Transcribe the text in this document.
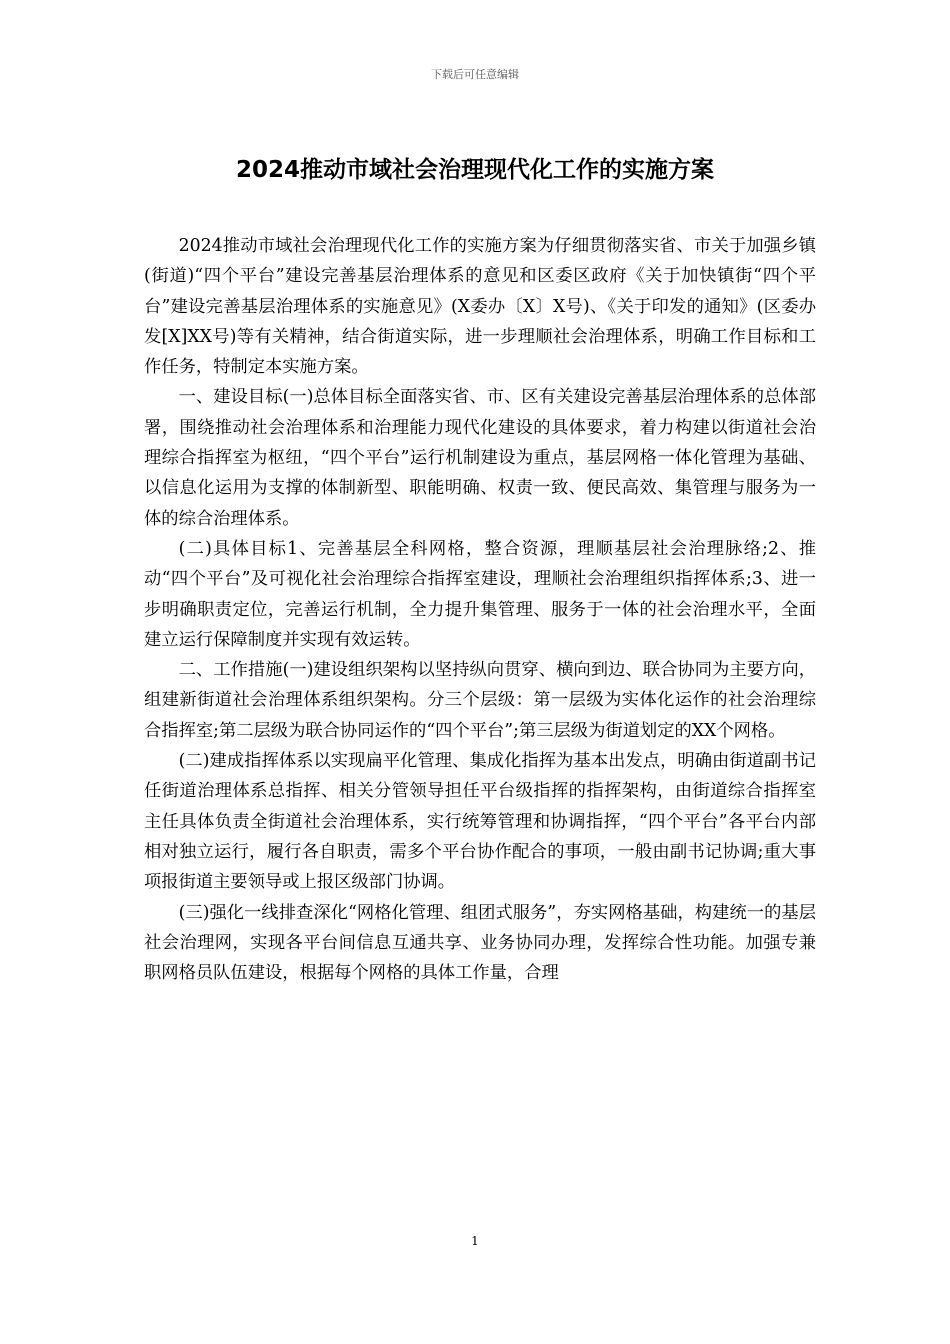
下载后可任意编辑
2024推动市域社会治理现代化工作的实施方案

2024推动市域社会治理现代化工作的实施方案为仔细贯彻落实省、市关于加强乡镇(街道)“四个平台”建设完善基层治理体系的意见和区委区政府《关于加快镇街“四个平台”建设完善基层治理体系的实施意见》(X委办〔X〕X号)、《关于印发的通知》(区委办发[X]XX号)等有关精神，结合街道实际，进一步理顺社会治理体系，明确工作目标和工作任务，特制定本实施方案。

一、建设目标(一)总体目标全面落实省、市、区有关建设完善基层治理体系的总体部署，围绕推动社会治理体系和治理能力现代化建设的具体要求，着力构建以街道社会治理综合指挥室为枢纽，“四个平台”运行机制建设为重点，基层网格一体化管理为基础、以信息化运用为支撑的体制新型、职能明确、权责一致、便民高效、集管理与服务为一体的综合治理体系。

(二)具体目标1、完善基层全科网格，整合资源，理顺基层社会治理脉络;2、推动“四个平台”及可视化社会治理综合指挥室建设，理顺社会治理组织指挥体系;3、进一步明确职责定位，完善运行机制，全力提升集管理、服务于一体的社会治理水平，全面建立运行保障制度并实现有效运转。

二、工作措施(一)建设组织架构以坚持纵向贯穿、横向到边、联合协同为主要方向，组建新街道社会治理体系组织架构。分三个层级：第一层级为实体化运作的社会治理综合指挥室;第二层级为联合协同运作的“四个平台”;第三层级为街道划定的XX个网格。

(二)建成指挥体系以实现扁平化管理、集成化指挥为基本出发点，明确由街道副书记任街道治理体系总指挥、相关分管领导担任平台级指挥的指挥架构，由街道综合指挥室主任具体负责全街道社会治理体系，实行统筹管理和协调指挥，“四个平台”各平台内部相对独立运行，履行各自职责，需多个平台协作配合的事项，一般由副书记协调;重大事项报街道主要领导或上报区级部门协调。

(三)强化一线排查深化“网格化管理、组团式服务”，夯实网格基础，构建统一的基层社会治理网，实现各平台间信息互通共享、业务协同办理，发挥综合性功能。加强专兼职网格员队伍建设，根据每个网格的具体工作量，合理

1
